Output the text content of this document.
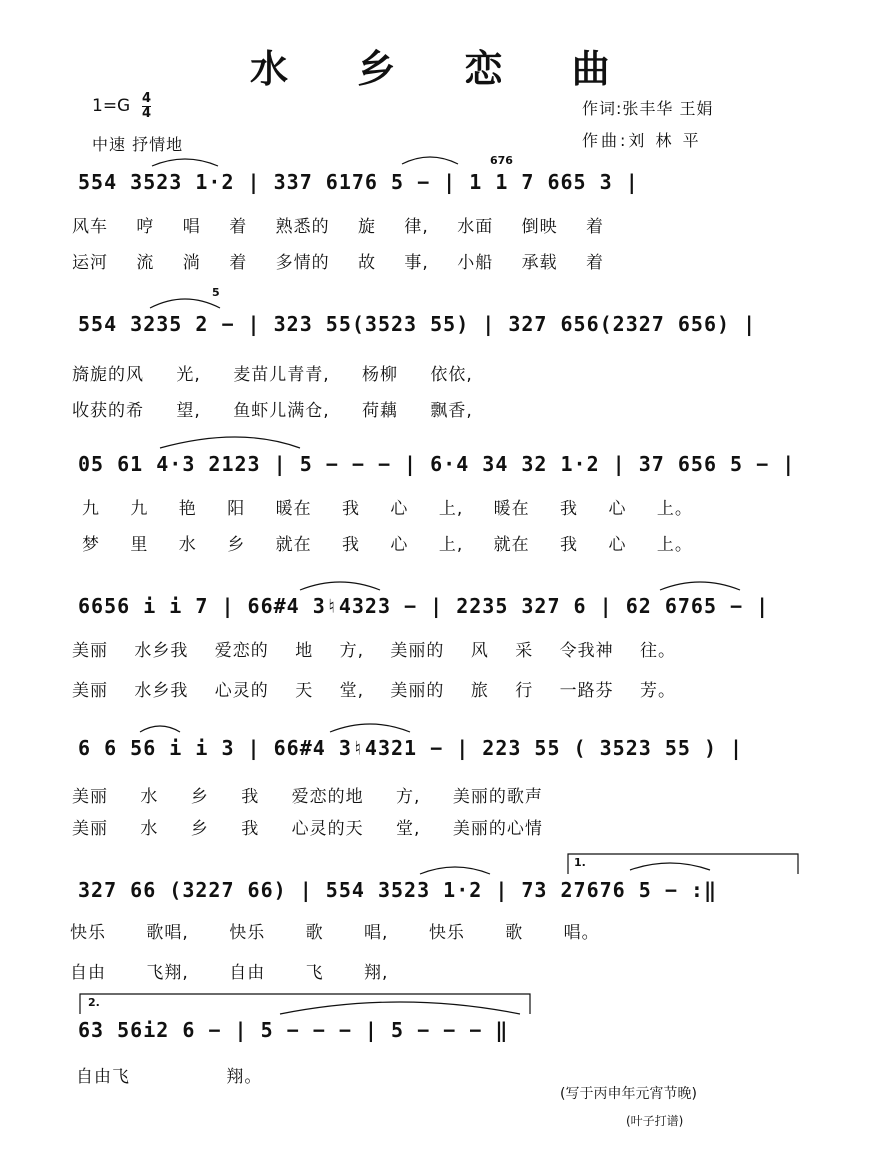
水 乡 恋 曲
1=G 4
4
中速 抒情地
作词:张丰华 王娟
作曲:刘 林 平
554 3523 1·2 | 337 6176 5 − | 1 1 7 665 3 |
676
风车 哼 唱 着 熟悉的 旋 律, 水面 倒映 着
运河 流 淌 着 多情的 故 事, 小船 承载 着
554 3235 2 − | 323 55(3523 55) | 327 656(2327 656) |
5
旖旎的风 光, 麦苗儿青青, 杨柳 依依,
收获的希 望, 鱼虾儿满仓, 荷藕 飘香,
05 61 4·3 2123 | 5 − − − | 6·4 34 32 1·2 | 37 656 5 − |
九 九 艳 阳 暖在 我 心 上, 暖在 我 心 上。
梦 里 水 乡 就在 我 心 上, 就在 我 心 上。
6656 i i 7 | 66#4 3♮4323 − | 2235 327 6 | 62 6765 − |
美丽 水乡我 爱恋的 地 方, 美丽的 风 采 令我神 往。
美丽 水乡我 心灵的 天 堂, 美丽的 旅 行 一路芬 芳。
6 6 56 i i 3 | 66#4 3♮4321 − | 223 55 ( 3523 55 ) |
美丽 水 乡 我 爱恋的地 方, 美丽的歌声
美丽 水 乡 我 心灵的天 堂, 美丽的心情
1.
327 66 (3227 66) | 554 3523 1·2 | 73 27676 5 − :‖
快乐 歌唱, 快乐 歌 唱, 快乐 歌 唱。
自由 飞翔, 自由 飞 翔,
2.
63 56i2 6 − | 5 − − − | 5 − − − ‖
自由飞 翔。
(写于丙申年元宵节晚)
(叶子打谱)
